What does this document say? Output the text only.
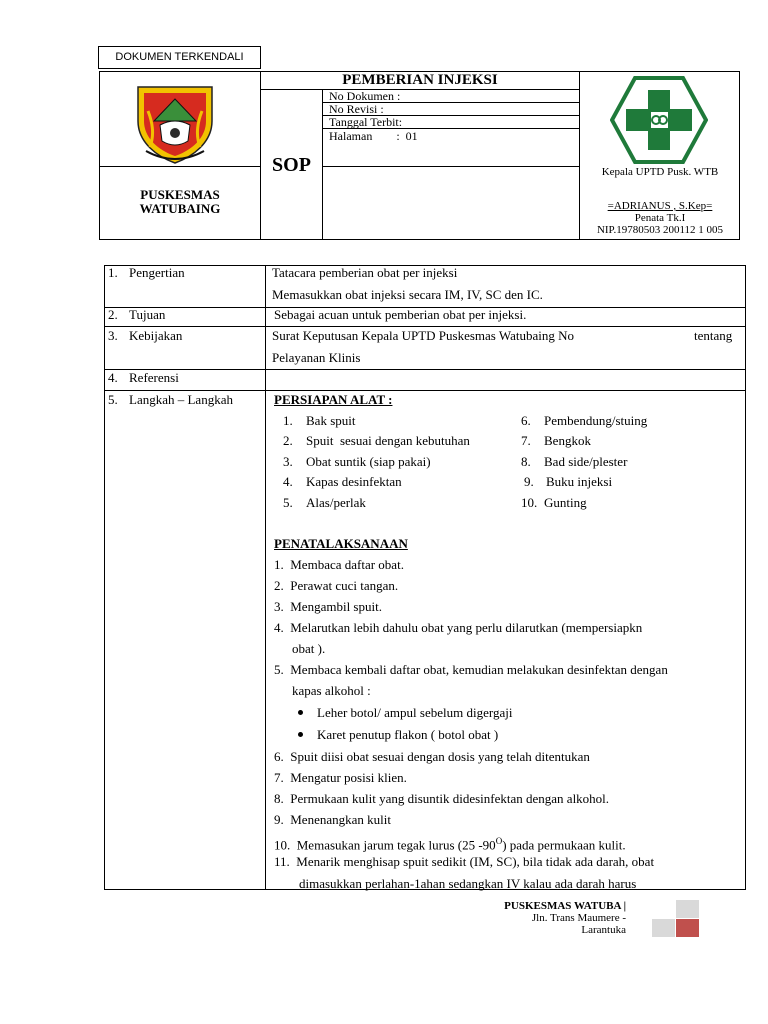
DOKUMEN TERKENDALI
PUSKESMAS
WATUBAING
PEMBERIAN INJEKSI
SOP
No Dokumen :
No Revisi :
Tanggal Terbit:
Halaman        :  01
Kepala UPTD Pusk. WTB
=ADRIANUS , S.Kep=
Penata Tk.I
NIP.19780503 200112 1 005
1. Pengertian	Tatacara pemberian obat per injeksi
Memasukkan obat injeksi secara IM, IV, SC den IC.
2. Tujuan	Sebagai acuan untuk pemberian obat per injeksi.
3. Kebijakan	Surat Keputusan Kepala UPTD Puskesmas Watubaing No	tentang
Pelayanan Klinis
4. Referensi
5. Langkah – Langkah	PERSIAPAN ALAT :
1. Bak spuit
2. Spuit  sesuai dengan kebutuhan
3. Obat suntik (siap pakai)
4. Kapas desinfektan
5. Alas/perlak
6. Pembendung/stuing
7. Bengkok
8. Bad side/plester
9. Buku injeksi
10. Gunting
PENATALAKSANAAN
1.  Membaca daftar obat.
2.  Perawat cuci tangan.
3.  Mengambil spuit.
4.  Melarutkan lebih dahulu obat yang perlu dilarutkan (mempersiapkn
obat ).
5.  Membaca kembali daftar obat, kemudian melakukan desinfektan dengan
kapas alkohol :
Leher botol/ ampul sebelum digergaji
Karet penutup flakon ( botol obat )
6.  Spuit diisi obat sesuai dengan dosis yang telah ditentukan
7.  Mengatur posisi klien.
8.  Permukaan kulit yang disuntik didesinfektan dengan alkohol.
9.  Menenangkan kulit
10.  Memasukan jarum tegak lurus (25 $-90^O$) pada permukaan kulit.
11.  Menarik menghisap spuit sedikit (IM, SC), bila tidak ada darah, obat
dimasukkan perlahan-1ahan sedangkan IV kalau ada darah harus
PUSKESMAS WATUBA |
Jln. Trans Maumere -
Larantuka
